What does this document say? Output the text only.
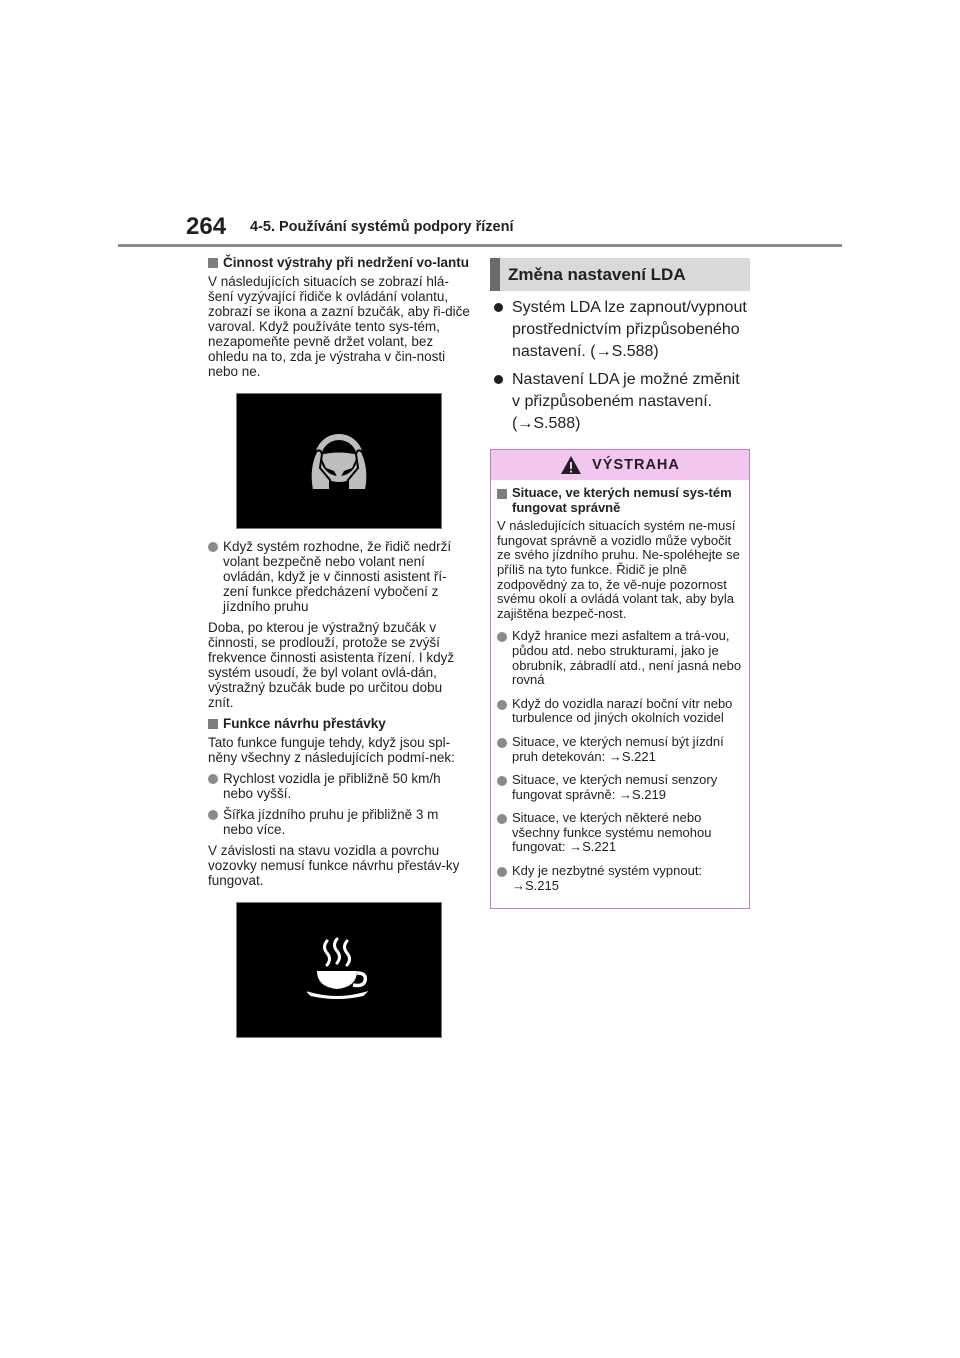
264 4-5. Používání systémů podpory řízení
Činnost výstrahy při nedržení vo-lantu

V následujících situacích se zobrazí hlá-šení vyzývající řidiče k ovládání volantu, zobrazí se ikona a zazní bzučák, aby ři-diče varoval. Když používáte tento sys-tém, nezapomeňte pevně držet volant, bez ohledu na to, zda je výstraha v čin-nosti nebo ne.

Když systém rozhodne, že řidič nedrží volant bezpečně nebo volant není ovládán, když je v činnosti asistent ří-zení funkce předcházení vybočení z jízdního pruhu

Doba, po kterou je výstražný bzučák v činnosti, se prodlouží, protože se zvýší frekvence činnosti asistenta řízení. I když systém usoudí, že byl volant ovlá-dán, výstražný bzučák bude po určitou dobu znít.

Funkce návrhu přestávky

Tato funkce funguje tehdy, když jsou spl-něny všechny z následujících podmí-nek:

Rychlost vozidla je přibližně 50 km/h nebo vyšší.
Šířka jízdního pruhu je přibližně 3 m nebo více.

V závislosti na stavu vozidla a povrchu vozovky nemusí funkce návrhu přestáv-ky fungovat.

Změna nastavení LDA
Systém LDA lze zapnout/vypnout prostřednictvím přizpůsobeného nastavení. (→S.588)
Nastavení LDA je možné změnit v přizpůsobeném nastavení. (→S.588)
VÝSTRAHA
Situace, ve kterých nemusí sys-tém fungovat správně

V následujících situacích systém ne-musí fungovat správně a vozidlo může vybočit ze svého jízdního pruhu. Ne-spoléhejte se příliš na tyto funkce. Řidič je plně zodpovědný za to, že vě-nuje pozornost svému okolí a ovládá volant tak, aby byla zajištěna bezpeč-nost.

Když hranice mezi asfaltem a trá-vou, půdou atd. nebo strukturami, jako je obrubník, zábradlí atd., není jasná nebo rovná
Když do vozidla narazí boční vítr nebo turbulence od jiných okolních vozidel
Situace, ve kterých nemusí být jízdní pruh detekován: →S.221
Situace, ve kterých nemusí senzory fungovat správně: →S.219
Situace, ve kterých některé nebo všechny funkce systému nemohou fungovat: →S.221
Kdy je nezbytné systém vypnout: →S.215
